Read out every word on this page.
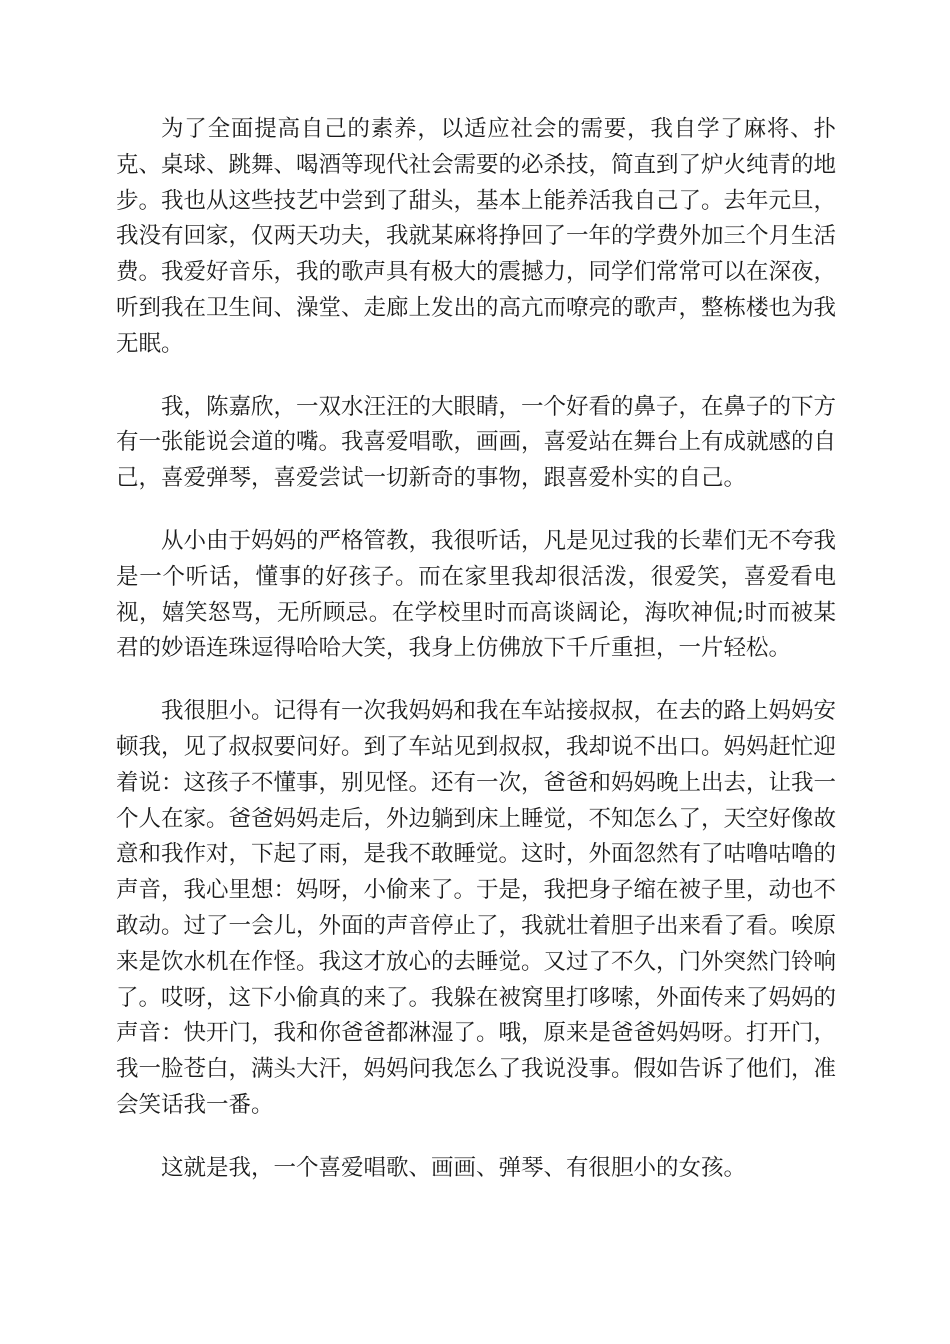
为了全面提高自己的素养，以适应社会的需要，我自学了麻将、扑克、桌球、跳舞、喝酒等现代社会需要的必杀技，简直到了炉火纯青的地步。我也从这些技艺中尝到了甜头，基本上能养活我自己了。去年元旦，我没有回家，仅两天功夫，我就某麻将挣回了一年的学费外加三个月生活费。我爱好音乐，我的歌声具有极大的震撼力，同学们常常可以在深夜，听到我在卫生间、澡堂、走廊上发出的高亢而嘹亮的歌声，整栋楼也为我无眠。

我，陈嘉欣，一双水汪汪的大眼睛，一个好看的鼻子，在鼻子的下方有一张能说会道的嘴。我喜爱唱歌，画画，喜爱站在舞台上有成就感的自己，喜爱弹琴，喜爱尝试一切新奇的事物，跟喜爱朴实的自己。

从小由于妈妈的严格管教，我很听话，凡是见过我的长辈们无不夸我是一个听话，懂事的好孩子。而在家里我却很活泼，很爱笑，喜爱看电视，嬉笑怒骂，无所顾忌。在学校里时而高谈阔论，海吹神侃;时而被某君的妙语连珠逗得哈哈大笑，我身上仿佛放下千斤重担，一片轻松。

我很胆小。记得有一次我妈妈和我在车站接叔叔，在去的路上妈妈安顿我，见了叔叔要问好。到了车站见到叔叔，我却说不出口。妈妈赶忙迎着说：这孩子不懂事，别见怪。还有一次，爸爸和妈妈晚上出去，让我一个人在家。爸爸妈妈走后，外边躺到床上睡觉，不知怎么了，天空好像故意和我作对，下起了雨，是我不敢睡觉。这时，外面忽然有了咕噜咕噜的声音，我心里想：妈呀，小偷来了。于是，我把身子缩在被子里，动也不敢动。过了一会儿，外面的声音停止了，我就壮着胆子出来看了看。唉原来是饮水机在作怪。我这才放心的去睡觉。又过了不久，门外突然门铃响了。哎呀，这下小偷真的来了。我躲在被窝里打哆嗦，外面传来了妈妈的声音：快开门，我和你爸爸都淋湿了。哦，原来是爸爸妈妈呀。打开门，我一脸苍白，满头大汗，妈妈问我怎么了我说没事。假如告诉了他们，准会笑话我一番。

这就是我，一个喜爱唱歌、画画、弹琴、有很胆小的女孩。
